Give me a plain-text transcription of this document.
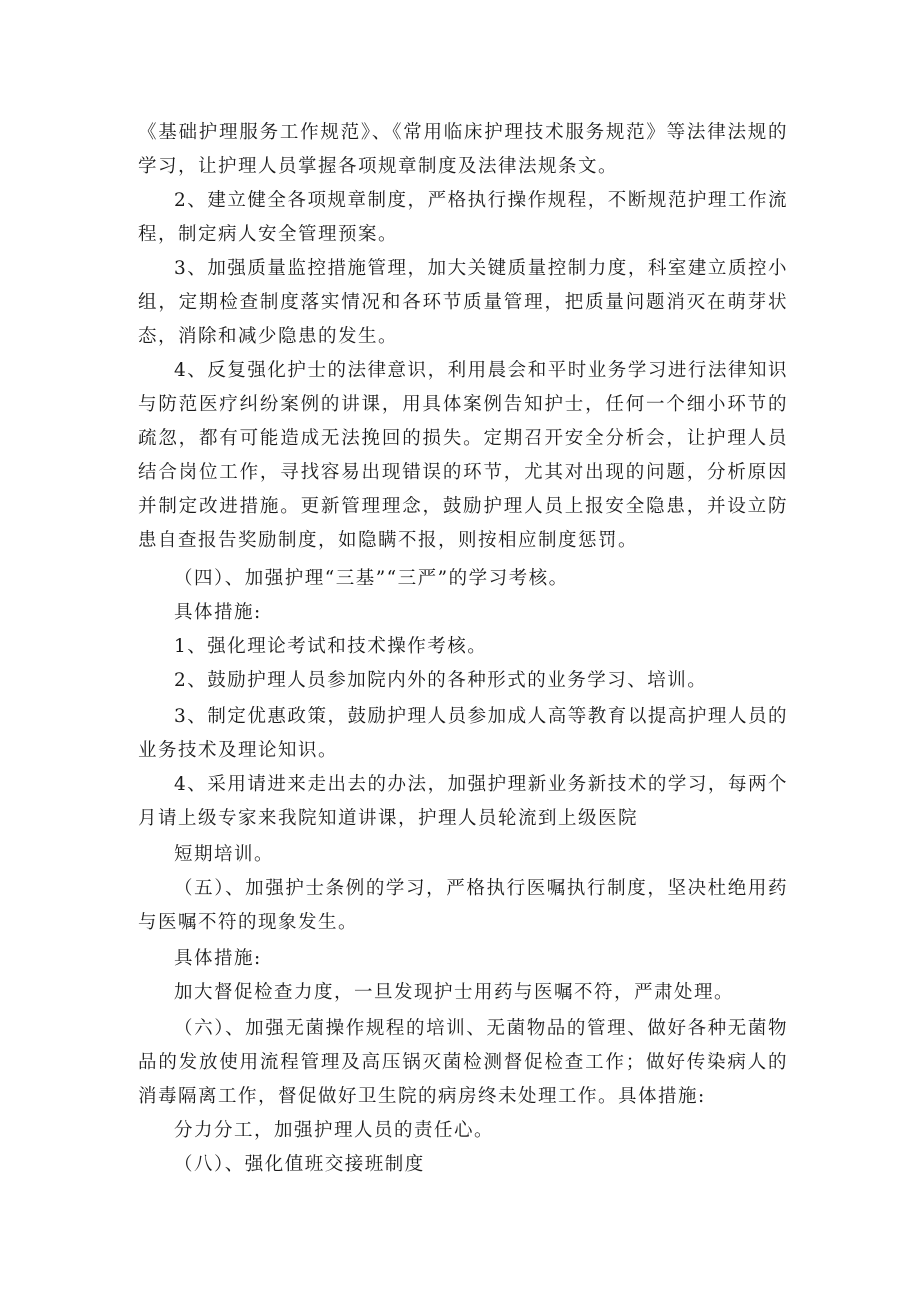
《基础护理服务工作规范》、《常用临床护理技术服务规范》等法律法规的学习，让护理人员掌握各项规章制度及法律法规条文。

2、建立健全各项规章制度，严格执行操作规程，不断规范护理工作流程，制定病人安全管理预案。

3、加强质量监控措施管理，加大关键质量控制力度，科室建立质控小组，定期检查制度落实情况和各环节质量管理，把质量问题消灭在萌芽状态，消除和减少隐患的发生。

4、反复强化护士的法律意识，利用晨会和平时业务学习进行法律知识与防范医疗纠纷案例的讲课，用具体案例告知护士，任何一个细小环节的疏忽，都有可能造成无法挽回的损失。定期召开安全分析会，让护理人员结合岗位工作，寻找容易出现错误的环节，尤其对出现的问题，分析原因并制定改进措施。更新管理理念，鼓励护理人员上报安全隐患，并设立防患自查报告奖励制度，如隐瞒不报，则按相应制度惩罚。

（四）、加强护理“三基”“三严”的学习考核。

具体措施:

1、强化理论考试和技术操作考核。

2、鼓励护理人员参加院内外的各种形式的业务学习、培训。

3、制定优惠政策，鼓励护理人员参加成人高等教育以提高护理人员的业务技术及理论知识。

4、采用请进来走出去的办法，加强护理新业务新技术的学习，每两个月请上级专家来我院知道讲课，护理人员轮流到上级医院

短期培训。

（五）、加强护士条例的学习，严格执行医嘱执行制度，坚决杜绝用药与医嘱不符的现象发生。

具体措施:

加大督促检查力度，一旦发现护士用药与医嘱不符，严肃处理。

（六）、加强无菌操作规程的培训、无菌物品的管理、做好各种无菌物品的发放使用流程管理及高压锅灭菌检测督促检查工作；做好传染病人的消毒隔离工作，督促做好卫生院的病房终未处理工作。具体措施:

分力分工，加强护理人员的责任心。

（八）、强化值班交接班制度
